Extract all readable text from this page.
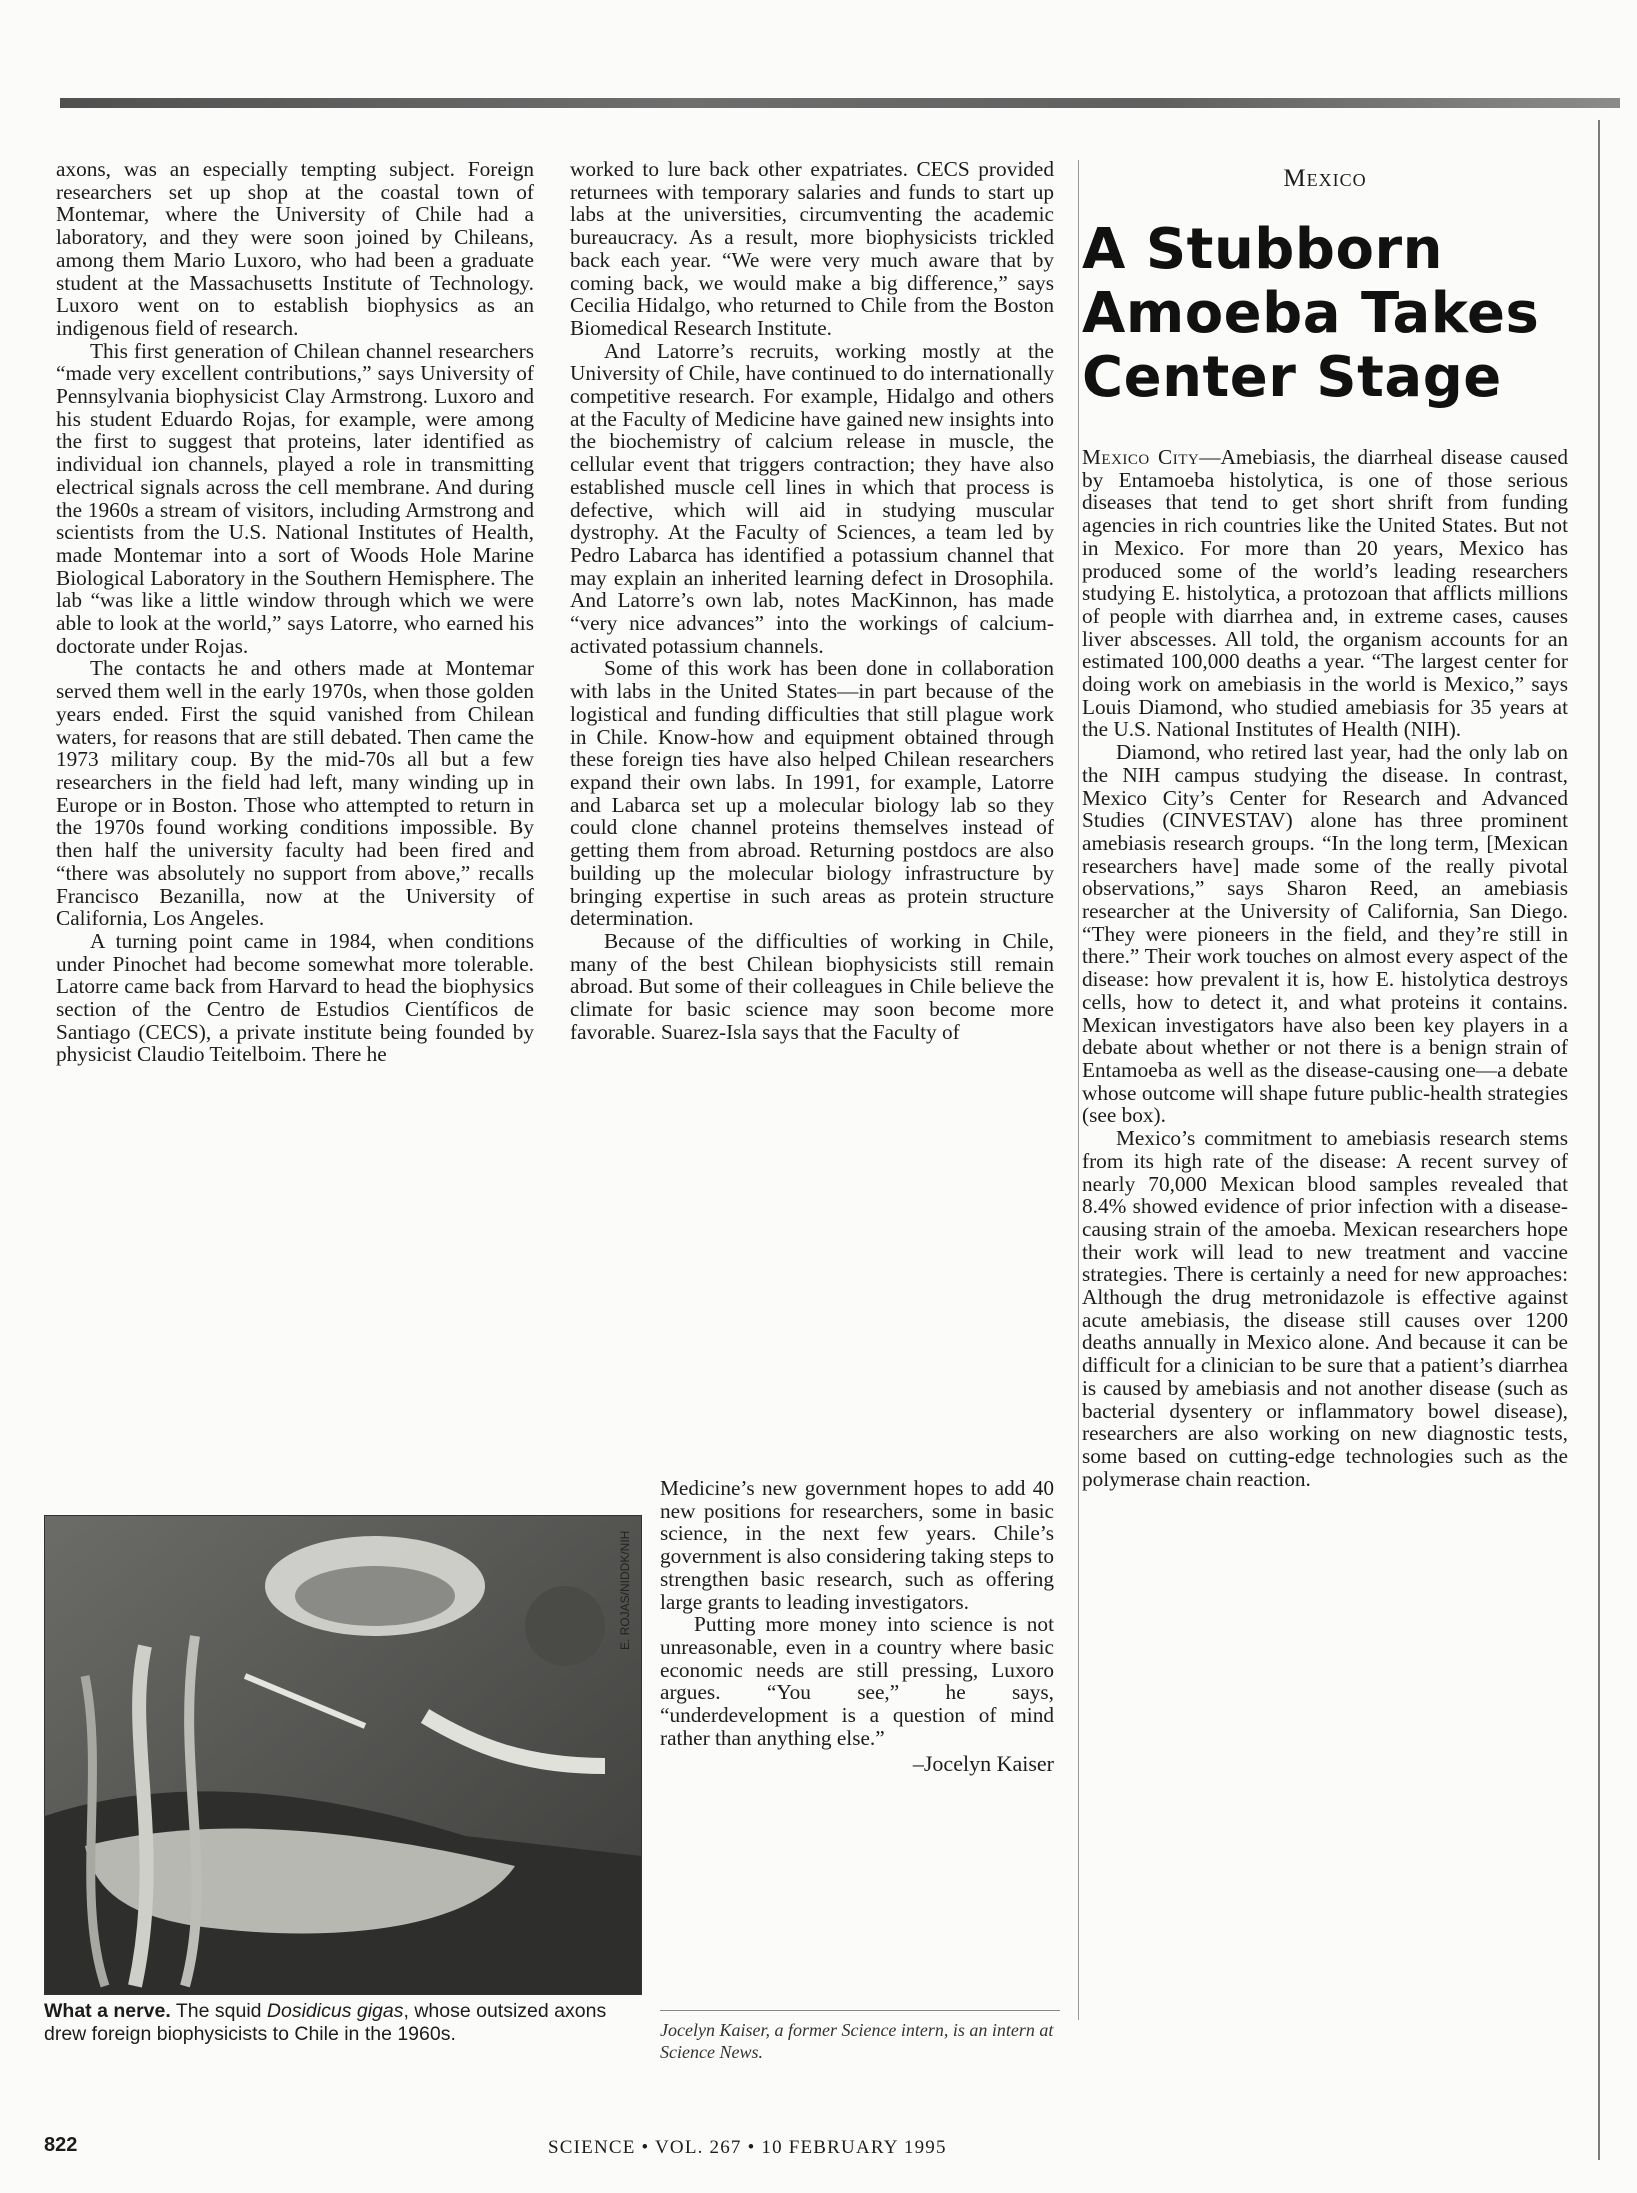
axons, was an especially tempting subject. Foreign researchers set up shop at the coastal town of Montemar, where the University of Chile had a laboratory, and they were soon joined by Chileans, among them Mario Luxoro, who had been a graduate student at the Massachusetts Institute of Technology. Luxoro went on to establish biophysics as an indigenous field of research.

This first generation of Chilean channel researchers “made very excellent contributions,” says University of Pennsylvania biophysicist Clay Armstrong. Luxoro and his student Eduardo Rojas, for example, were among the first to suggest that proteins, later identified as individual ion channels, played a role in transmitting electrical signals across the cell membrane. And during the 1960s a stream of visitors, including Armstrong and scientists from the U.S. National Institutes of Health, made Montemar into a sort of Woods Hole Marine Biological Laboratory in the Southern Hemisphere. The lab “was like a little window through which we were able to look at the world,” says Latorre, who earned his doctorate under Rojas.

The contacts he and others made at Montemar served them well in the early 1970s, when those golden years ended. First the squid vanished from Chilean waters, for reasons that are still debated. Then came the 1973 military coup. By the mid-70s all but a few researchers in the field had left, many winding up in Europe or in Boston. Those who attempted to return in the 1970s found working conditions impossible. By then half the university faculty had been fired and “there was absolutely no support from above,” recalls Francisco Bezanilla, now at the University of California, Los Angeles.

A turning point came in 1984, when conditions under Pinochet had become somewhat more tolerable. Latorre came back from Harvard to head the biophysics section of the Centro de Estudios Científicos de Santiago (CECS), a private institute being founded by physicist Claudio Teitelboim. There he

worked to lure back other expatriates. CECS provided returnees with temporary salaries and funds to start up labs at the universities, circumventing the academic bureaucracy. As a result, more biophysicists trickled back each year. “We were very much aware that by coming back, we would make a big difference,” says Cecilia Hidalgo, who returned to Chile from the Boston Biomedical Research Institute.

And Latorre’s recruits, working mostly at the University of Chile, have continued to do internationally competitive research. For example, Hidalgo and others at the Faculty of Medicine have gained new insights into the biochemistry of calcium release in muscle, the cellular event that triggers contraction; they have also established muscle cell lines in which that process is defective, which will aid in studying muscular dystrophy. At the Faculty of Sciences, a team led by Pedro Labarca has identified a potassium channel that may explain an inherited learning defect in Drosophila. And Latorre’s own lab, notes MacKinnon, has made “very nice advances” into the workings of calcium-activated potassium channels.

Some of this work has been done in collaboration with labs in the United States—in part because of the logistical and funding difficulties that still plague work in Chile. Know-how and equipment obtained through these foreign ties have also helped Chilean researchers expand their own labs. In 1991, for example, Latorre and Labarca set up a molecular biology lab so they could clone channel proteins themselves instead of getting them from abroad. Returning postdocs are also building up the molecular biology infrastructure by bringing expertise in such areas as protein structure determination.

Because of the difficulties of working in Chile, many of the best Chilean biophysicists still remain abroad. But some of their colleagues in Chile believe the climate for basic science may soon become more favorable. Suarez-Isla says that the Faculty of

Medicine’s new government hopes to add 40 new positions for researchers, some in basic science, in the next few years. Chile’s government is also considering taking steps to strengthen basic research, such as offering large grants to leading investigators.

Putting more money into science is not unreasonable, even in a country where basic economic needs are still pressing, Luxoro argues. “You see,” he says, “underdevelopment is a question of mind rather than anything else.”

–Jocelyn Kaiser

E. ROJAS/NIDDK/NIH
What a nerve. The squid Dosidicus gigas, whose outsized axons drew foreign biophysicists to Chile in the 1960s.	Jocelyn Kaiser, a former Science intern, is an intern at Science News.
Mexico
A Stubborn Amoeba Takes Center Stage

Mexico City—Amebiasis, the diarrheal disease caused by Entamoeba histolytica, is one of those serious diseases that tend to get short shrift from funding agencies in rich countries like the United States. But not in Mexico. For more than 20 years, Mexico has produced some of the world’s leading researchers studying E. histolytica, a protozoan that afflicts millions of people with diarrhea and, in extreme cases, causes liver abscesses. All told, the organism accounts for an estimated 100,000 deaths a year. “The largest center for doing work on amebiasis in the world is Mexico,” says Louis Diamond, who studied amebiasis for 35 years at the U.S. National Institutes of Health (NIH).

Diamond, who retired last year, had the only lab on the NIH campus studying the disease. In contrast, Mexico City’s Center for Research and Advanced Studies (CINVESTAV) alone has three prominent amebiasis research groups. “In the long term, [Mexican researchers have] made some of the really pivotal observations,” says Sharon Reed, an amebiasis researcher at the University of California, San Diego. “They were pioneers in the field, and they’re still in there.” Their work touches on almost every aspect of the disease: how prevalent it is, how E. histolytica destroys cells, how to detect it, and what proteins it contains. Mexican investigators have also been key players in a debate about whether or not there is a benign strain of Entamoeba as well as the disease-causing one—a debate whose outcome will shape future public-health strategies (see box).

Mexico’s commitment to amebiasis research stems from its high rate of the disease: A recent survey of nearly 70,000 Mexican blood samples revealed that 8.4% showed evidence of prior infection with a disease-causing strain of the amoeba. Mexican researchers hope their work will lead to new treatment and vaccine strategies. There is certainly a need for new approaches: Although the drug metronidazole is effective against acute amebiasis, the disease still causes over 1200 deaths annually in Mexico alone. And because it can be difficult for a clinician to be sure that a patient’s diarrhea is caused by amebiasis and not another disease (such as bacterial dysentery or inflammatory bowel disease), researchers are also working on new diagnostic tests, some based on cutting-edge technologies such as the polymerase chain reaction.

822	SCIENCE • VOL. 267 • 10 FEBRUARY 1995
